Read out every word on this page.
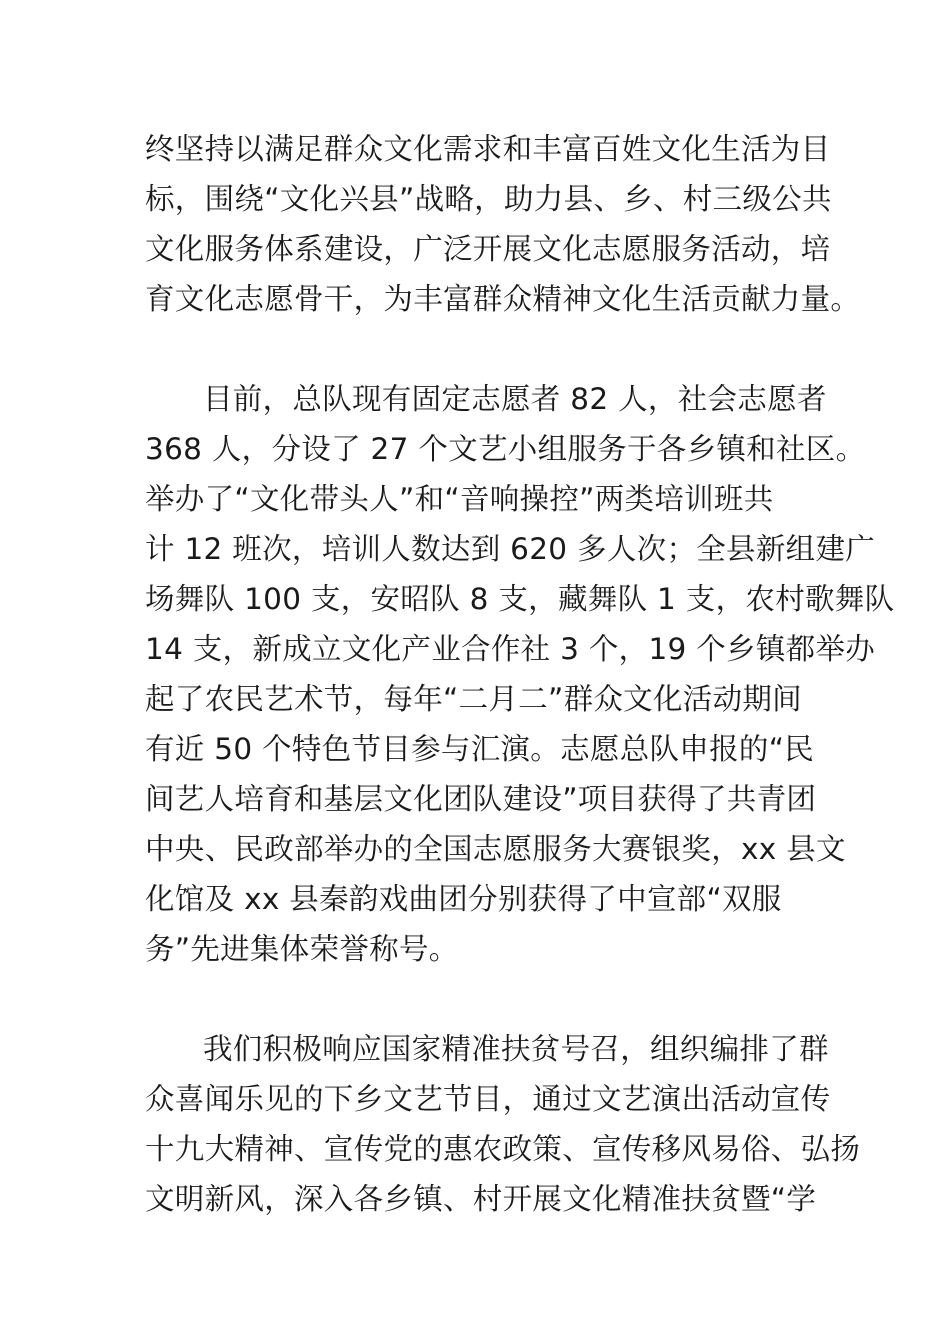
终坚持以满足群众文化需求和丰富百姓文化生活为目

标，围绕“文化兴县”战略，助力县、乡、村三级公共

文化服务体系建设，广泛开展文化志愿服务活动，培

育文化志愿骨干，为丰富群众精神文化生活贡献力量。

目前，总队现有固定志愿者 82 人，社会志愿者

368 人，分设了 27 个文艺小组服务于各乡镇和社区。

举办了“文化带头人”和“音响操控”两类培训班共

计 12 班次，培训人数达到 620 多人次；全县新组建广

场舞队 100 支，安昭队 8 支，藏舞队 1 支，农村歌舞队

14 支，新成立文化产业合作社 3 个，19 个乡镇都举办

起了农民艺术节，每年“二月二”群众文化活动期间

有近 50 个特色节目参与汇演。志愿总队申报的“民

间艺人培育和基层文化团队建设”项目获得了共青团

中央、民政部举办的全国志愿服务大赛银奖，xx 县文

化馆及 xx 县秦韵戏曲团分别获得了中宣部“双服

务”先进集体荣誉称号。

我们积极响应国家精准扶贫号召，组织编排了群

众喜闻乐见的下乡文艺节目，通过文艺演出活动宣传

十九大精神、宣传党的惠农政策、宣传移风易俗、弘扬

文明新风，深入各乡镇、村开展文化精准扶贫暨“学
